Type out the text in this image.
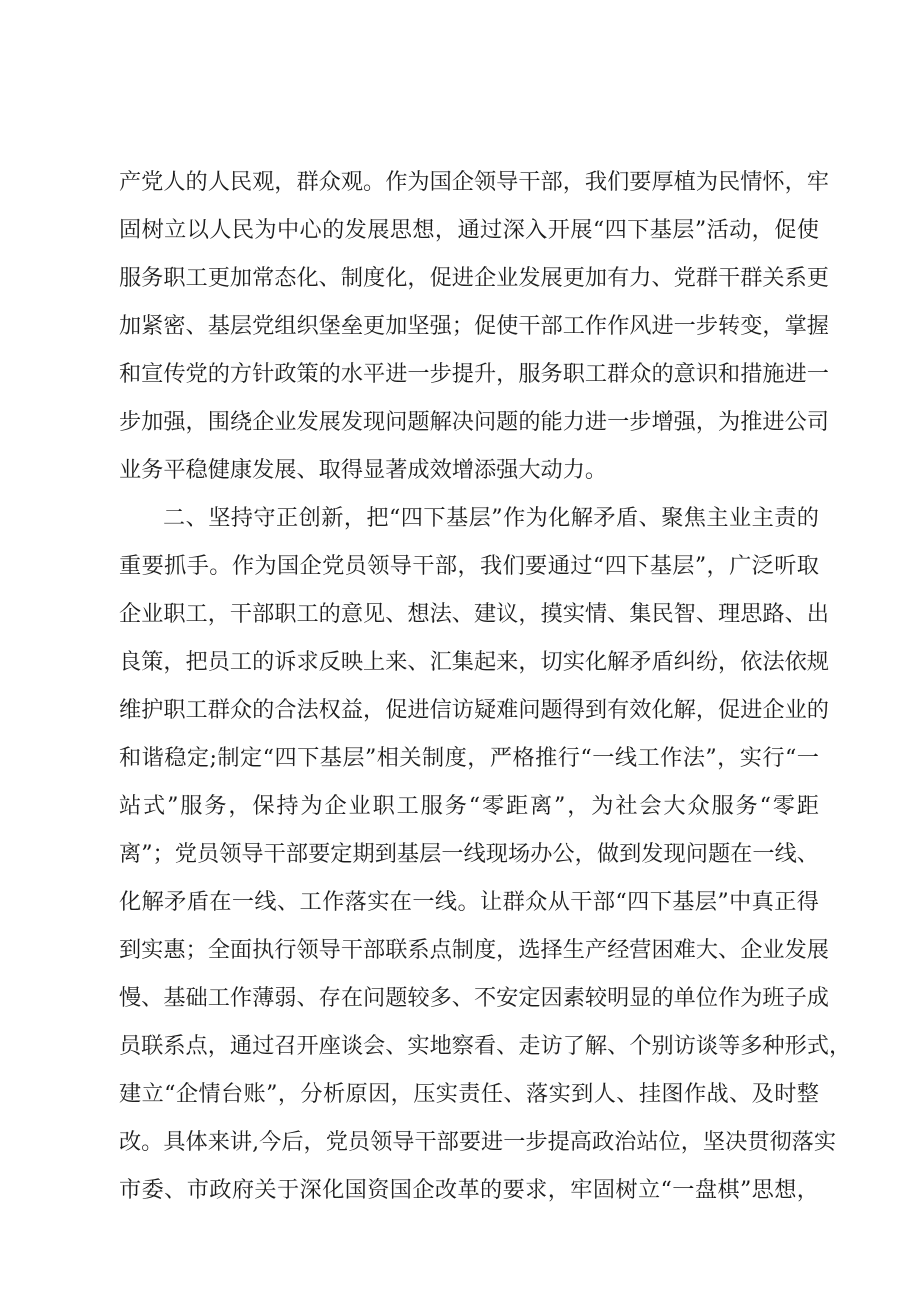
产党人的人民观，群众观。作为国企领导干部，我们要厚植为民情怀，牢
固树立以人民为中心的发展思想，通过深入开展“四下基层”活动，促使
服务职工更加常态化、制度化，促进企业发展更加有力、党群干群关系更
加紧密、基层党组织堡垒更加坚强；促使干部工作作风进一步转变，掌握
和宣传党的方针政策的水平进一步提升，服务职工群众的意识和措施进一
步加强，围绕企业发展发现问题解决问题的能力进一步增强，为推进公司
业务平稳健康发展、取得显著成效增添强大动力。
二、坚持守正创新，把“四下基层”作为化解矛盾、聚焦主业主责的
重要抓手。作为国企党员领导干部，我们要通过“四下基层”，广泛听取
企业职工，干部职工的意见、想法、建议，摸实情、集民智、理思路、出
良策，把员工的诉求反映上来、汇集起来，切实化解矛盾纠纷，依法依规
维护职工群众的合法权益，促进信访疑难问题得到有效化解，促进企业的
和谐稳定;制定“四下基层”相关制度，严格推行“一线工作法”，实行“一
站式”服务，保持为企业职工服务“零距离”，为社会大众服务“零距
离”；党员领导干部要定期到基层一线现场办公，做到发现问题在一线、
化解矛盾在一线、工作落实在一线。让群众从干部“四下基层”中真正得
到实惠；全面执行领导干部联系点制度，选择生产经营困难大、企业发展
慢、基础工作薄弱、存在问题较多、不安定因素较明显的单位作为班子成
员联系点，通过召开座谈会、实地察看、走访了解、个别访谈等多种形式，
建立“企情台账”，分析原因，压实责任、落实到人、挂图作战、及时整
改。具体来讲,今后，党员领导干部要进一步提高政治站位，坚决贯彻落实
市委、市政府关于深化国资国企改革的要求，牢固树立“一盘棋”思想，
